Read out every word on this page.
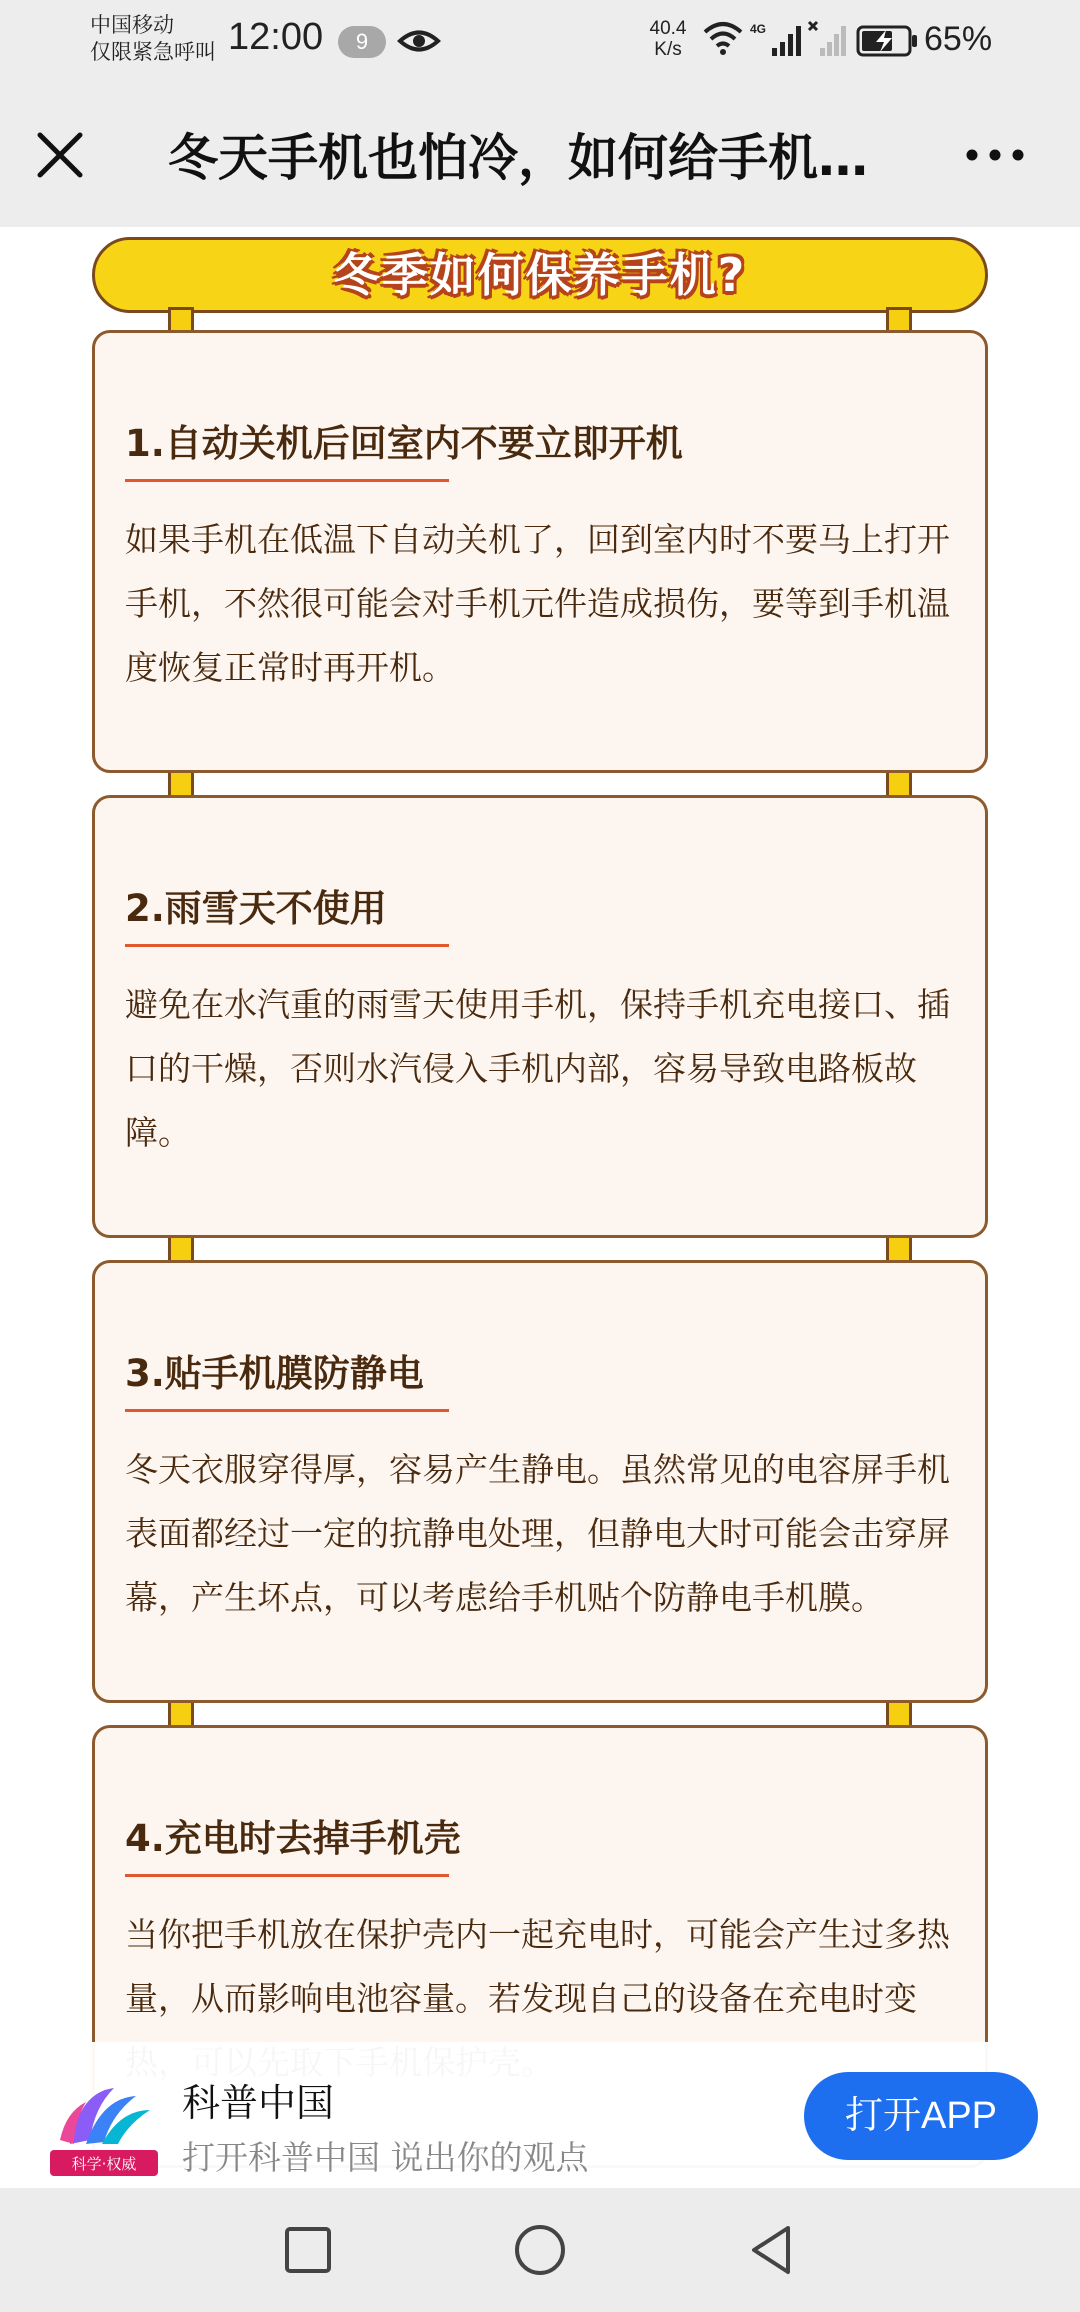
中国移动
仅限紧急呼叫 12:00	9
40.4
K/s
4G	65%
冬天手机也怕冷，如何给手机…
冬季如何保养手机?
1.自动关机后回室内不要立即开机
如果手机在低温下自动关机了，回到室内时不要马上打开手机，不然很可能会对手机元件造成损伤，要等到手机温度恢复正常时再开机。
2.雨雪天不使用
避免在水汽重的雨雪天使用手机，保持手机充电接口、插口的干燥，否则水汽侵入手机内部，容易导致电路板故障。
3.贴手机膜防静电
冬天衣服穿得厚，容易产生静电。虽然常见的电容屏手机表面都经过一定的抗静电处理，但静电大时可能会击穿屏幕，产生坏点，可以考虑给手机贴个防静电手机膜。
4.充电时去掉手机壳
当你把手机放在保护壳内一起充电时，可能会产生过多热量，从而影响电池容量。若发现自己的设备在充电时变
科学·权威
科普中国
打开科普中国 说出你的观点
打开APP
